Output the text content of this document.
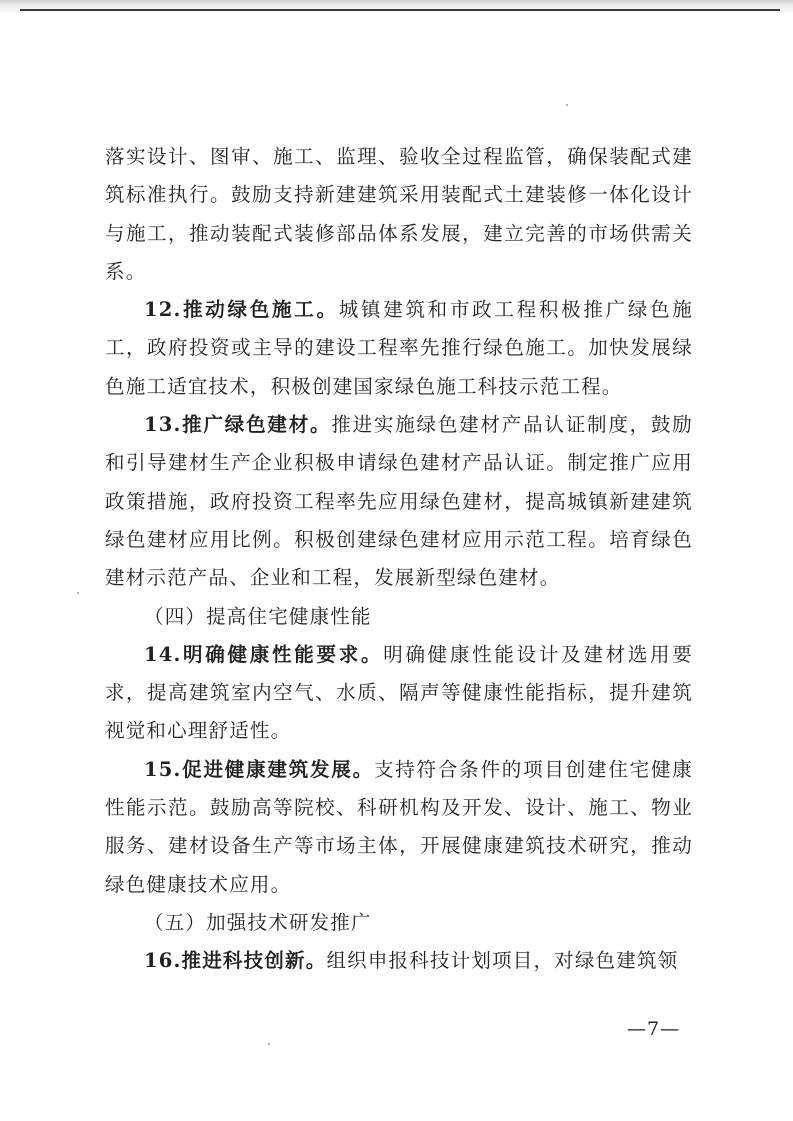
落实设计、图审、施工、监理、验收全过程监管，确保装配式建筑标准执行。鼓励支持新建建筑采用装配式土建装修一体化设计与施工，推动装配式装修部品体系发展，建立完善的市场供需关系。

12.推动绿色施工。城镇建筑和市政工程积极推广绿色施工，政府投资或主导的建设工程率先推行绿色施工。加快发展绿色施工适宜技术，积极创建国家绿色施工科技示范工程。

13.推广绿色建材。推进实施绿色建材产品认证制度，鼓励和引导建材生产企业积极申请绿色建材产品认证。制定推广应用政策措施，政府投资工程率先应用绿色建材，提高城镇新建建筑绿色建材应用比例。积极创建绿色建材应用示范工程。培育绿色建材示范产品、企业和工程，发展新型绿色建材。

（四）提高住宅健康性能

14.明确健康性能要求。明确健康性能设计及建材选用要求，提高建筑室内空气、水质、隔声等健康性能指标，提升建筑视觉和心理舒适性。

15.促进健康建筑发展。支持符合条件的项目创建住宅健康性能示范。鼓励高等院校、科研机构及开发、设计、施工、物业服务、建材设备生产等市场主体，开展健康建筑技术研究，推动绿色健康技术应用。

（五）加强技术研发推广

16.推进科技创新。组织申报科技计划项目，对绿色建筑领

—7—
